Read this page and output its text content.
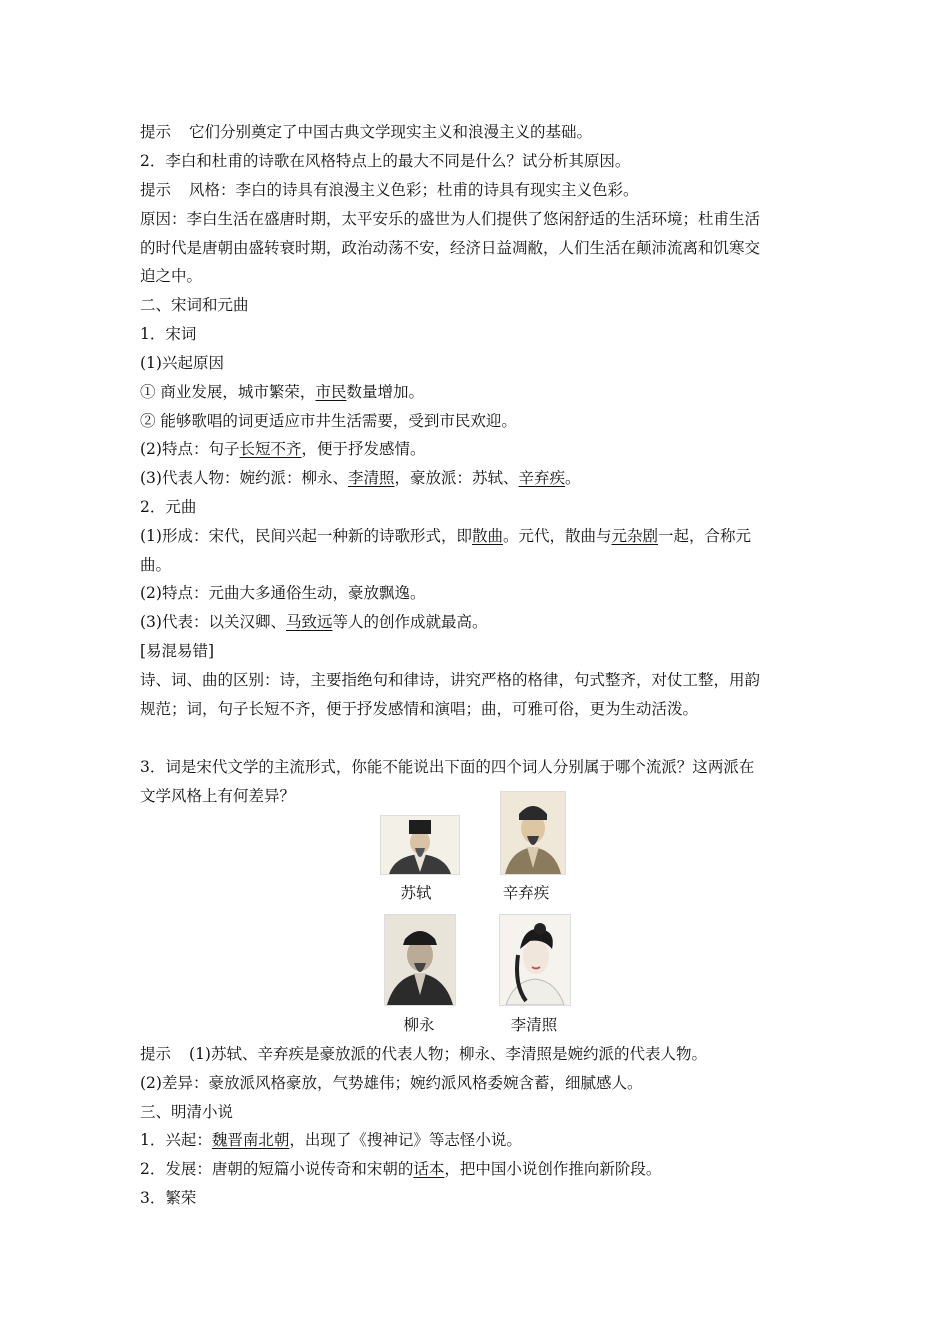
提示 它们分别奠定了中国古典文学现实主义和浪漫主义的基础。
2．李白和杜甫的诗歌在风格特点上的最大不同是什么？试分析其原因。
提示 风格：李白的诗具有浪漫主义色彩；杜甫的诗具有现实主义色彩。
原因：李白生活在盛唐时期，太平安乐的盛世为人们提供了悠闲舒适的生活环境；杜甫生活
的时代是唐朝由盛转衰时期，政治动荡不安，经济日益凋敝，人们生活在颠沛流离和饥寒交
迫之中。
二、宋词和元曲
1．宋词
(1)兴起原因
① 商业发展，城市繁荣，市民数量增加。
② 能够歌唱的词更适应市井生活需要，受到市民欢迎。
(2)特点：句子长短不齐，便于抒发感情。
(3)代表人物：婉约派：柳永、李清照，豪放派：苏轼、辛弃疾。
2．元曲
(1)形成：宋代，民间兴起一种新的诗歌形式，即散曲。元代，散曲与元杂剧一起，合称元
曲。
(2)特点：元曲大多通俗生动，豪放飘逸。
(3)代表：以关汉卿、马致远等人的创作成就最高。
[易混易错]
诗、词、曲的区别：诗，主要指绝句和律诗，讲究严格的格律，句式整齐，对仗工整，用韵
规范；词，句子长短不齐，便于抒发感情和演唱；曲，可雅可俗，更为生动活泼。
3．词是宋代文学的主流形式，你能不能说出下面的四个词人分别属于哪个流派？这两派在
文学风格上有何差异？
苏轼	辛弃疾
柳永	李清照
提示 (1)苏轼、辛弃疾是豪放派的代表人物；柳永、李清照是婉约派的代表人物。
(2)差异：豪放派风格豪放，气势雄伟；婉约派风格委婉含蓄，细腻感人。
三、明清小说
1．兴起：魏晋南北朝，出现了《搜神记》等志怪小说。
2．发展：唐朝的短篇小说传奇和宋朝的话本，把中国小说创作推向新阶段。
3．繁荣
